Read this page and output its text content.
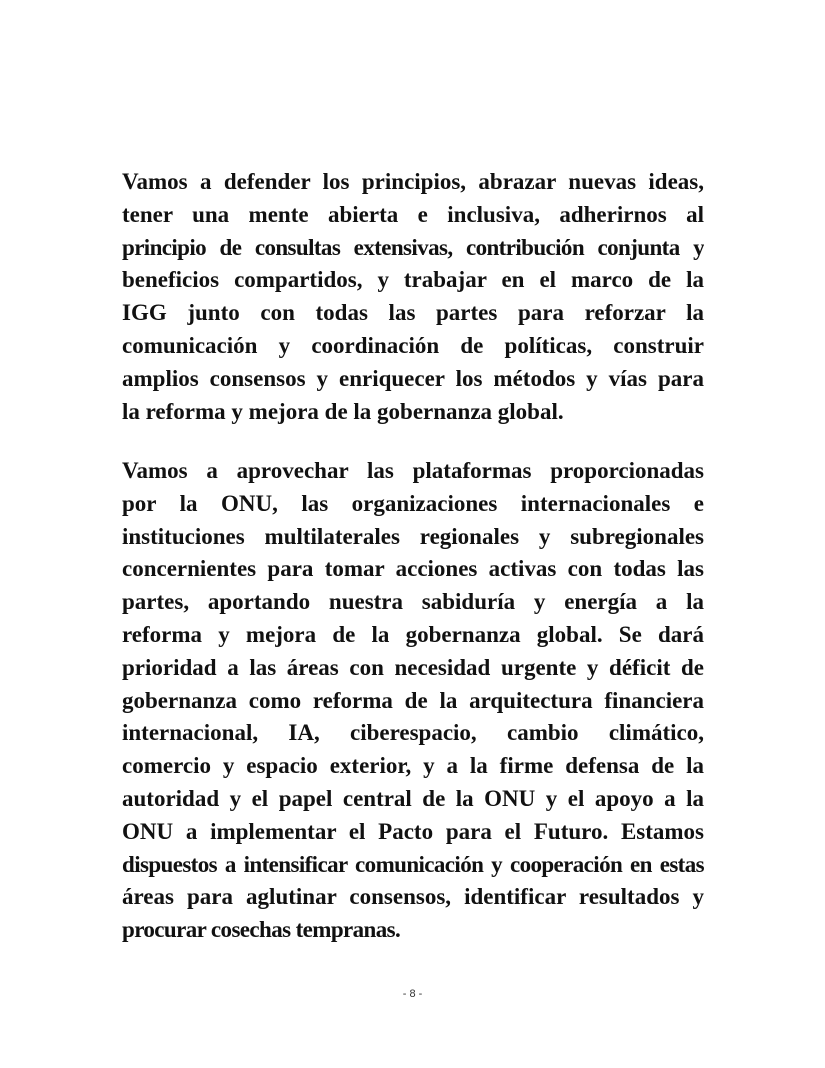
Vamos a defender los principios, abrazar nuevas ideas,
tener una mente abierta e inclusiva, adherirnos al
principio de consultas extensivas, contribución conjunta y
beneficios compartidos, y trabajar en el marco de la
IGG junto con todas las partes para reforzar la
comunicación y coordinación de políticas, construir
amplios consensos y enriquecer los métodos y vías para
la reforma y mejora de la gobernanza global.
Vamos a aprovechar las plataformas proporcionadas
por la ONU, las organizaciones internacionales e
instituciones multilaterales regionales y subregionales
concernientes para tomar acciones activas con todas las
partes, aportando nuestra sabiduría y energía a la
reforma y mejora de la gobernanza global. Se dará
prioridad a las áreas con necesidad urgente y déficit de
gobernanza como reforma de la arquitectura financiera
internacional, IA, ciberespacio, cambio climático,
comercio y espacio exterior, y a la firme defensa de la
autoridad y el papel central de la ONU y el apoyo a la
ONU a implementar el Pacto para el Futuro. Estamos
dispuestos a intensificar comunicación y cooperación en estas
áreas para aglutinar consensos, identificar resultados y
procurar cosechas tempranas.
- 8 -
